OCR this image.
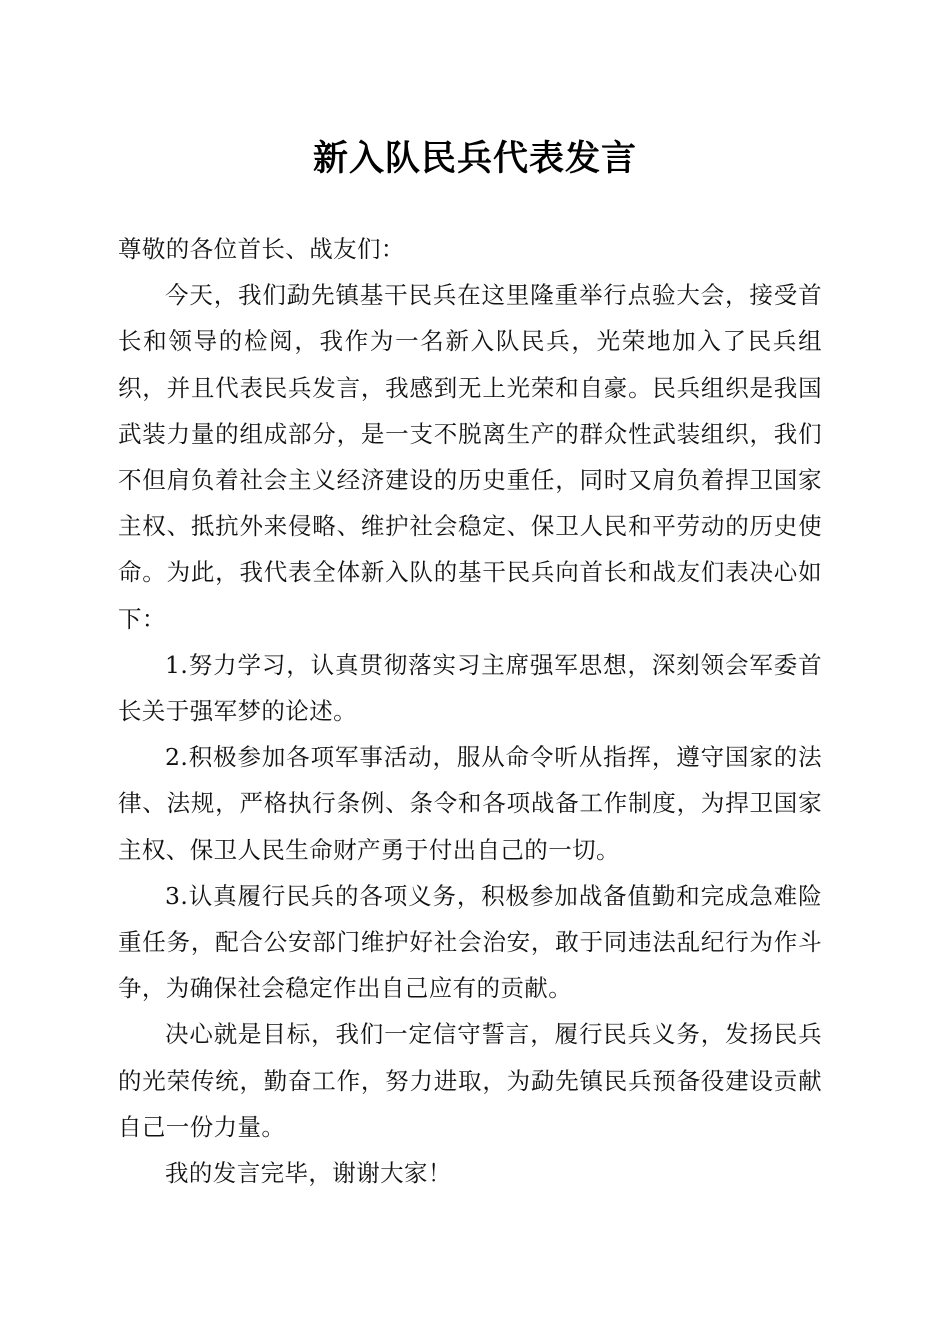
新入队民兵代表发言

尊敬的各位首长、战友们：

今天，我们勐先镇基干民兵在这里隆重举行点验大会，接受首长和领导的检阅，我作为一名新入队民兵，光荣地加入了民兵组织，并且代表民兵发言，我感到无上光荣和自豪。民兵组织是我国武装力量的组成部分，是一支不脱离生产的群众性武装组织，我们不但肩负着社会主义经济建设的历史重任，同时又肩负着捍卫国家主权、抵抗外来侵略、维护社会稳定、保卫人民和平劳动的历史使命。为此，我代表全体新入队的基干民兵向首长和战友们表决心如下：

1.努力学习，认真贯彻落实习主席强军思想，深刻领会军委首长关于强军梦的论述。

2.积极参加各项军事活动，服从命令听从指挥，遵守国家的法律、法规，严格执行条例、条令和各项战备工作制度，为捍卫国家主权、保卫人民生命财产勇于付出自己的一切。

3.认真履行民兵的各项义务，积极参加战备值勤和完成急难险重任务，配合公安部门维护好社会治安，敢于同违法乱纪行为作斗争，为确保社会稳定作出自己应有的贡献。

决心就是目标，我们一定信守誓言，履行民兵义务，发扬民兵的光荣传统，勤奋工作，努力进取，为勐先镇民兵预备役建设贡献自己一份力量。

我的发言完毕，谢谢大家！
